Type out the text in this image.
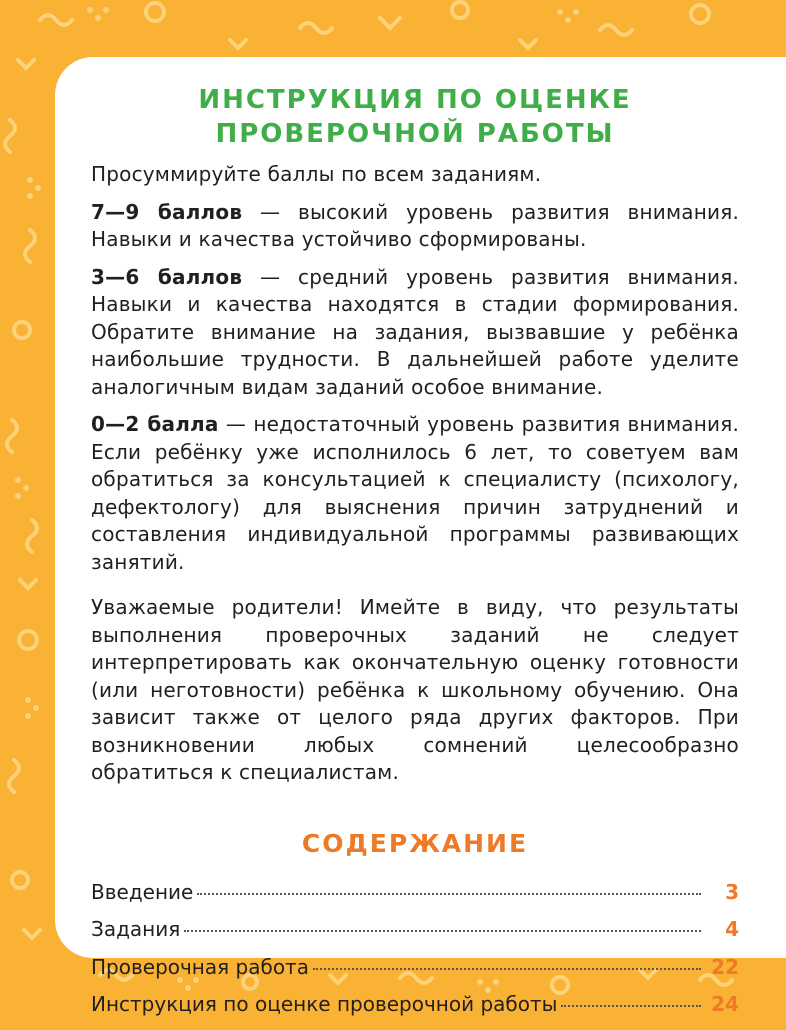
ИНСТРУКЦИЯ ПО ОЦЕНКЕ
ПРОВЕРОЧНОЙ РАБОТЫ

Просуммируйте баллы по всем заданиям.

7—9 баллов — высокий уровень развития внимания. Навыки и качества устойчиво сформированы.

3—6 баллов — средний уровень развития внимания. Навыки и качества находятся в стадии формирования. Обратите внимание на задания, вызвавшие у ребёнка наибольшие трудности. В дальнейшей работе уделите аналогичным видам заданий особое внимание.

0—2 балла — недостаточный уровень развития внимания. Если ребёнку уже исполнилось 6 лет, то советуем вам обратиться за консультацией к специалисту (психологу, дефектологу) для выяснения причин затруднений и составления индивидуальной программы развивающих занятий.

Уважаемые родители! Имейте в виду, что результаты выполнения проверочных заданий не следует интерпретировать как окончательную оценку готовности (или неготовности) ребёнка к школьному обучению. Она зависит также от целого ряда других факторов. При возникновении любых сомнений целесообразно обратиться к специалистам.

СОДЕРЖАНИЕ
Введение	3
Задания	4
Проверочная работа	22
Инструкция по оценке проверочной работы	24
